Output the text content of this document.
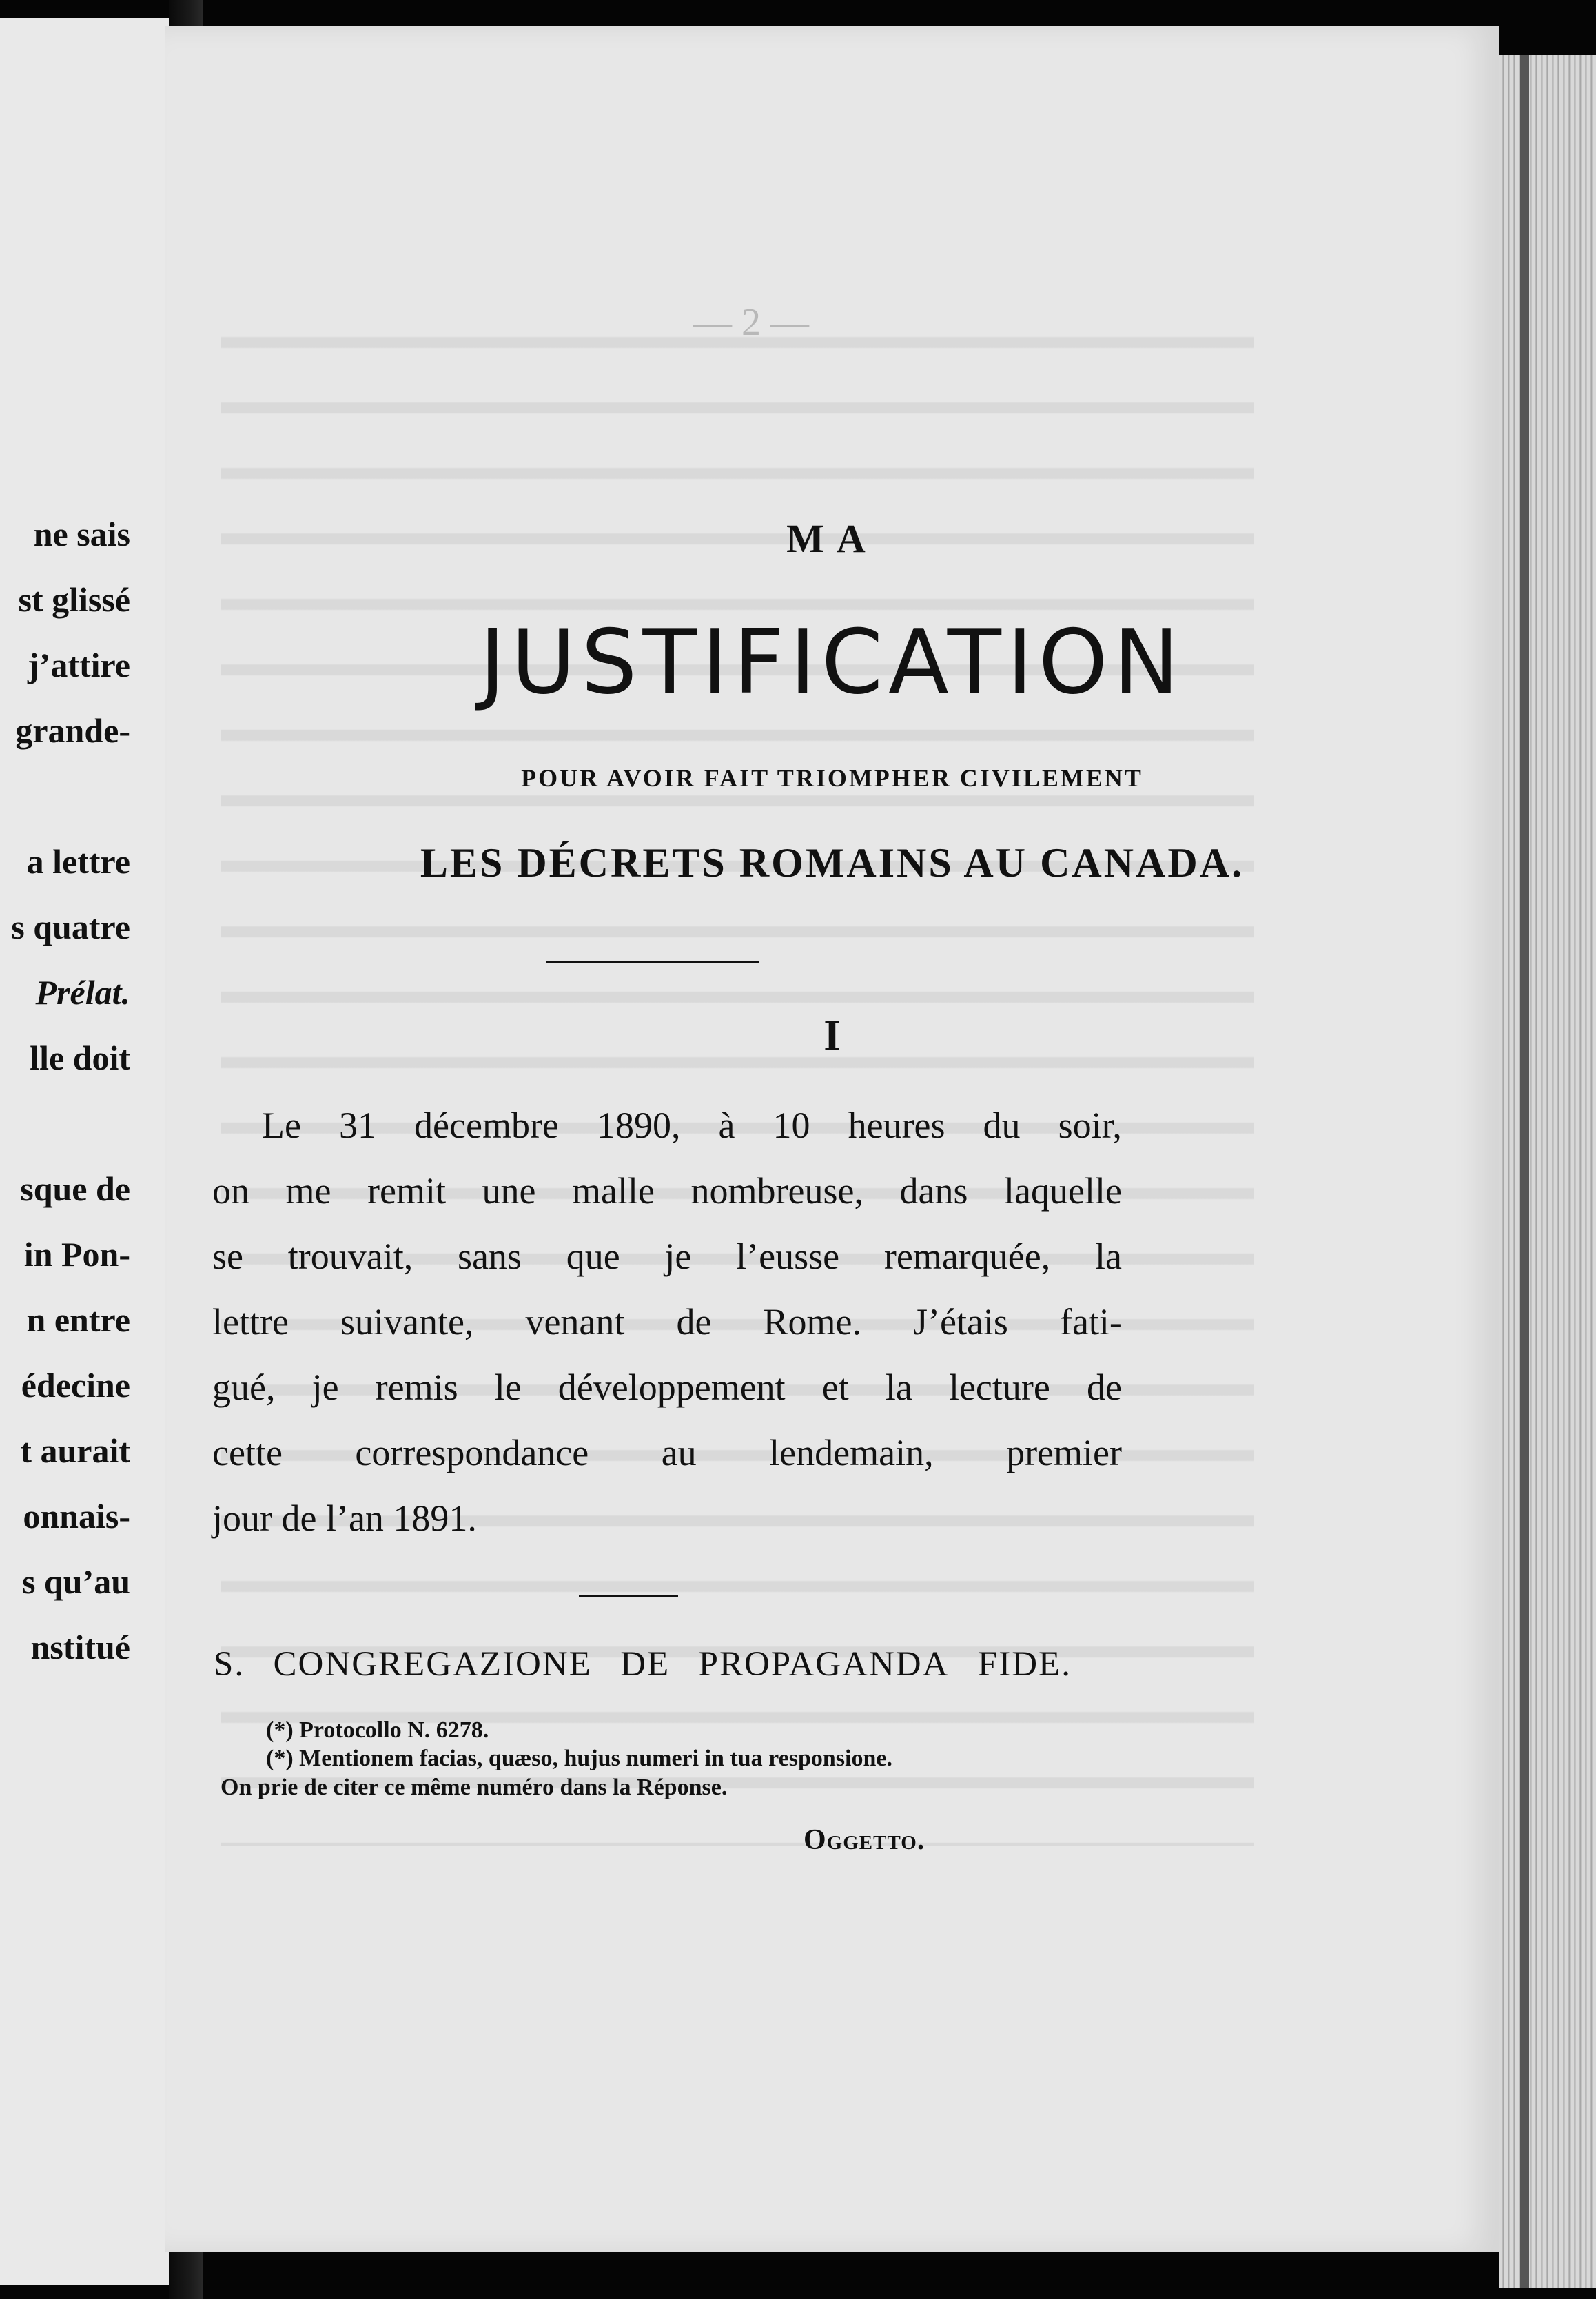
ne sais
st glissé
j’attire
grande-
a lettre
s quatre
Prélat.
lle doit
sque de
in Pon-
n entre
édecine
t aurait
onnais-
s qu’au
nstitué
— 2 —
MA
JUSTIFICATION
POUR AVOIR FAIT TRIOMPHER CIVILEMENT
LES DÉCRETS ROMAINS AU CANADA.
I
Le 31 décembre 1890, à 10 heures du soir,
on me remit une malle nombreuse, dans laquelle
se trouvait, sans que je l’eusse remarquée, la
lettre suivante, venant de Rome. J’étais fati-
gué, je remis le développement et la lecture de
cette correspondance au lendemain, premier
jour de l’an 1891.
S. CONGREGAZIONE DE PROPAGANDA FIDE.
(*) Protocollo N. 6278.
(*) Mentionem facias, quæso, hujus numeri in tua responsione.
On prie de citer ce même numéro dans la Réponse.
Oggetto.
